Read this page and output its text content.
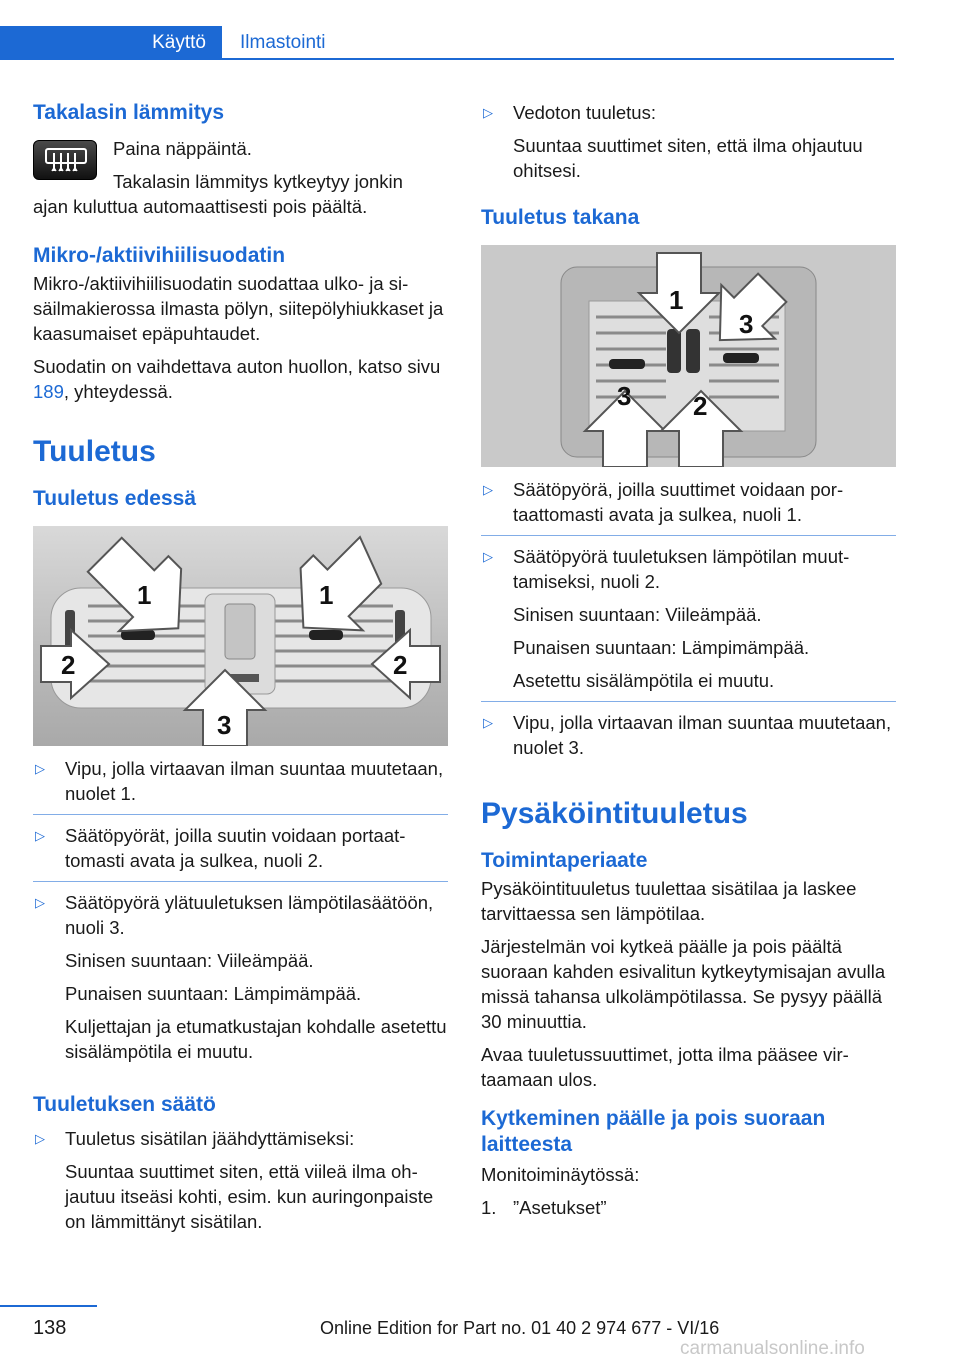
Käyttö Ilmastointi
Takalasin lämmitys
Paina näppäintä.
Takalasin lämmitys kytkeytyy jonkin
ajan kuluttua automaattisesti pois päältä.
Mikro-/aktiivihiilisuodatin
Mikro-/aktiivihiilisuodatin suodattaa ulko- ja sisäilmakierossa ilmasta pölyn, siitepölyhiukkaset ja kaasumaiset epäpuhtaudet.
Suodatin on vaihdettava auton huollon, katso sivu 189, yhteydessä.
Tuuletus
Tuuletus edessä
1	1
2	2
3
▷ Vipu, jolla virtaavan ilman suuntaa muutetaan, nuolet 1.
▷ Säätöpyörät, joilla suutin voidaan portaattomasti avata ja sulkea, nuoli 2.
▷ Säätöpyörä ylätuuletuksen lämpötilasäätöön, nuoli 3.
Sinisen suuntaan: Viileämpää.
Punaisen suuntaan: Lämpimämpää.
Kuljettajan ja etumatkustajan kohdalle asetettu sisälämpötila ei muutu.
Tuuletuksen säätö
▷ Tuuletus sisätilan jäähdyttämiseksi:
Suuntaa suuttimet siten, että viileä ilma ohjautuu itseäsi kohti, esim. kun auringonpaiste on lämmittänyt sisätilan.
▷ Vedoton tuuletus:
Suuntaa suuttimet siten, että ilma ohjautuu ohitsesi.
Tuuletus takana
1
3
3 2
▷ Säätöpyörä, joilla suuttimet voidaan portaattomasti avata ja sulkea, nuoli 1.
▷ Säätöpyörä tuuletuksen lämpötilan muuttamiseksi, nuoli 2.
Sinisen suuntaan: Viileämpää.
Punaisen suuntaan: Lämpimämpää.
Asetettu sisälämpötila ei muutu.
▷ Vipu, jolla virtaavan ilman suuntaa muutetaan, nuolet 3.
Pysäköintituuletus
Toimintaperiaate
Pysäköintituuletus tuulettaa sisätilaa ja laskee tarvittaessa sen lämpötilaa.
Järjestelmän voi kytkeä päälle ja pois päältä suoraan kahden esivalitun kytkeytymisajan avulla missä tahansa ulkolämpötilassa. Se pysyy päällä 30 minuuttia.
Avaa tuuletussuuttimet, jotta ilma pääsee virtaamaan ulos.
Kytkeminen päälle ja pois suoraan laitteesta
Monitoiminäytössä:
1. ”Asetukset”
138	Online Edition for Part no. 01 40 2 974 677 - VI/16
carmanualsonline.info
